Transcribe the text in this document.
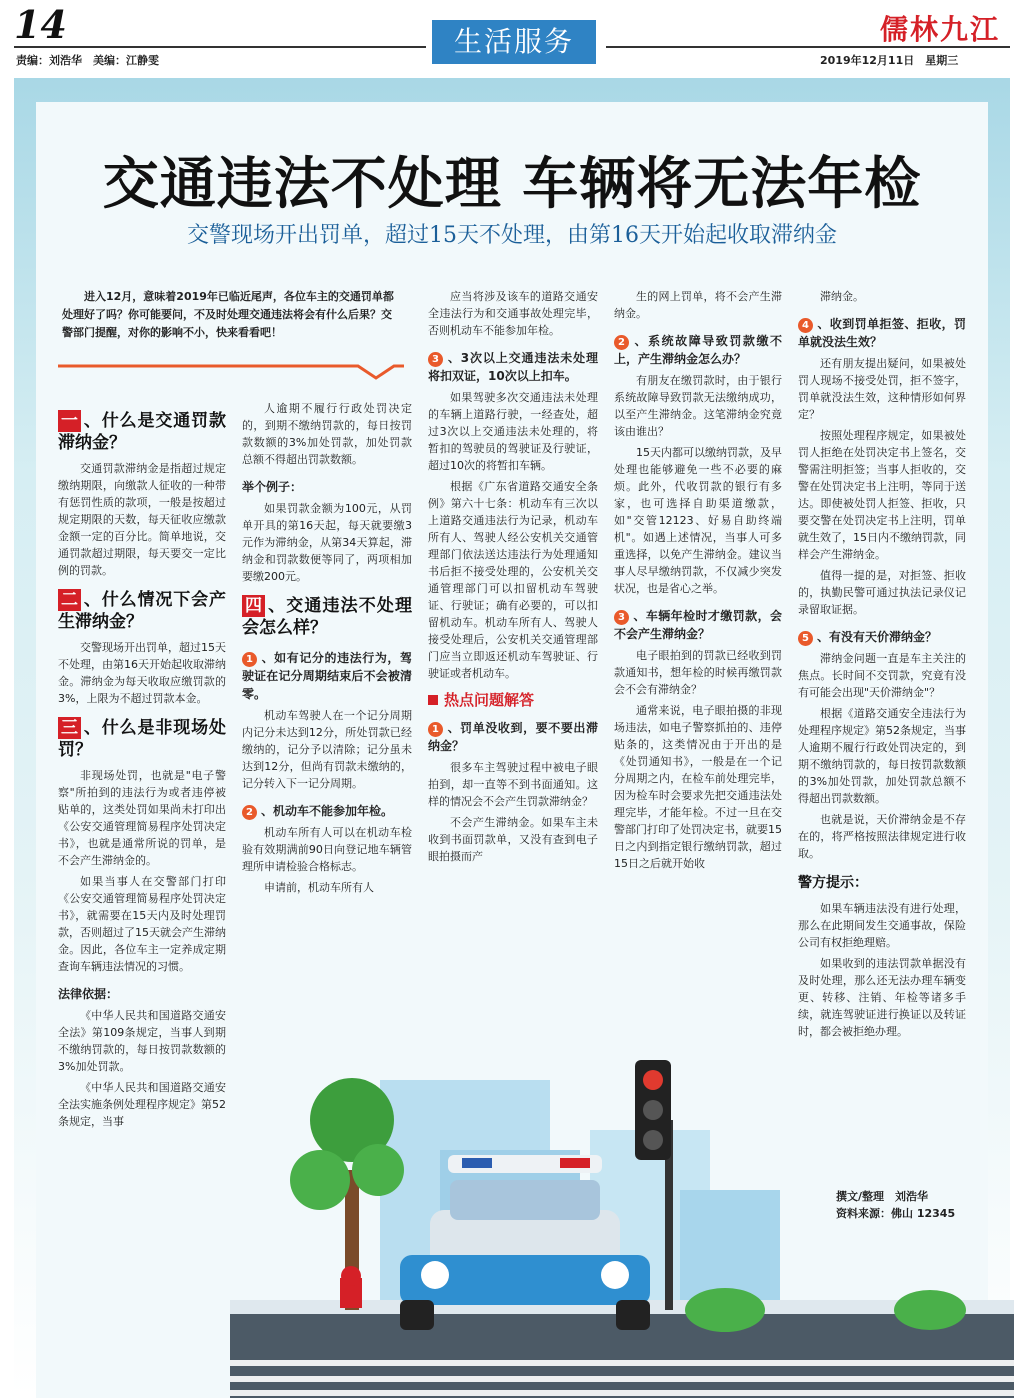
14
责编：刘浩华　美编：江静雯
生活服务	儒林九江
2019年12月11日　星期三
交通违法不处理 车辆将无法年检
交警现场开出罚单，超过15天不处理，由第16天开始起收取滞纳金

进入12月，意味着2019年已临近尾声，各位车主的交通罚单都处理好了吗？你可能要问，不及时处理交通违法将会有什么后果？交警部门提醒，对你的影响不小，快来看看吧！

一 、什么是交通罚款滞纳金？

交通罚款滞纳金是指超过规定缴纳期限，向缴款人征收的一种带有惩罚性质的款项，一般是按超过规定期限的天数，每天征收应缴款金额一定的百分比。简单地说，交通罚款超过期限，每天要交一定比例的罚款。

二 、什么情况下会产生滞纳金？

交警现场开出罚单，超过15天不处理，由第16天开始起收取滞纳金。滞纳金为每天收取应缴罚款的3%，上限为不超过罚款本金。

三 、什么是非现场处罚？

非现场处罚，也就是"电子警察"所拍到的违法行为或者违停被贴单的，这类处罚如果尚未打印出《公安交通管理简易程序处罚决定书》，也就是通常所说的罚单，是不会产生滞纳金的。

如果当事人在交警部门打印《公安交通管理简易程序处罚决定书》，就需要在15天内及时处理罚款，否则超过了15天就会产生滞纳金。因此，各位车主一定养成定期查询车辆违法情况的习惯。

法律依据：

《中华人民共和国道路交通安全法》第109条规定，当事人到期不缴纳罚款的，每日按罚款数额的3%加处罚款。

《中华人民共和国道路交通安全法实施条例处理程序规定》第52条规定，当事

人逾期不履行行政处罚决定的，到期不缴纳罚款的，每日按罚款数额的3%加处罚款，加处罚款总额不得超出罚款数额。

举个例子：

如果罚款金额为100元，从罚单开具的第16天起，每天就要缴3元作为滞纳金，从第34天算起，滞纳金和罚款数便等同了，两项相加要缴200元。

四 、交通违法不处理会怎么样？
1 、如有记分的违法行为，驾驶证在记分周期结束后不会被清零。

机动车驾驶人在一个记分周期内记分未达到12分，所处罚款已经缴纳的，记分予以清除；记分虽未达到12分，但尚有罚款未缴纳的，记分转入下一记分周期。

2 、机动车不能参加年检。

机动车所有人可以在机动车检验有效期满前90日向登记地车辆管理所申请检验合格标志。

申请前，机动车所有人

应当将涉及该车的道路交通安全违法行为和交通事故处理完毕，否则机动车不能参加年检。

3 、3次以上交通违法未处理将扣双证，10次以上扣车。

如果驾驶多次交通违法未处理的车辆上道路行驶，一经查处，超过3次以上交通违法未处理的，将暂扣的驾驶员的驾驶证及行驶证，超过10次的将暂扣车辆。

根据《广东省道路交通安全条例》第六十七条：机动车有三次以上道路交通违法行为记录，机动车所有人、驾驶人经公安机关交通管理部门依法送达违法行为处理通知书后拒不接受处理的，公安机关交通管理部门可以扣留机动车驾驶证、行驶证；确有必要的，可以扣留机动车。机动车所有人、驾驶人接受处理后，公安机关交通管理部门应当立即返还机动车驾驶证、行驶证或者机动车。

热点问题解答
1 、罚单没收到，要不要出滞纳金？

很多车主驾驶过程中被电子眼拍到，却一直等不到书面通知。这样的情况会不会产生罚款滞纳金？

不会产生滞纳金。如果车主未收到书面罚款单，又没有查到电子眼拍摄而产

生的网上罚单，将不会产生滞纳金。

2 、系统故障导致罚款缴不上，产生滞纳金怎么办？

有朋友在缴罚款时，由于银行系统故障导致罚款无法缴纳成功，以至产生滞纳金。这笔滞纳金究竟该由谁出？

15天内都可以缴纳罚款，及早处理也能够避免一些不必要的麻烦。此外，代收罚款的银行有多家，也可选择自助渠道缴款，如"交管12123、好易自助终端机"。如遇上述情况，当事人可多重选择，以免产生滞纳金。建议当事人尽早缴纳罚款，不仅减少突发状况，也是省心之举。

3 、车辆年检时才缴罚款，会不会产生滞纳金？

电子眼拍到的罚款已经收到罚款通知书，想年检的时候再缴罚款会不会有滞纳金？

通常来说，电子眼拍摄的非现场违法，如电子警察抓拍的、违停贴条的，这类情况由于开出的是《处罚通知书》，一般是在一个记分周期之内，在检车前处理完毕，因为检车时会要求先把交通违法处理完毕，才能年检。不过一旦在交警部门打印了处罚决定书，就要15日之内到指定银行缴纳罚款，超过15日之后就开始收

滞纳金。

4 、收到罚单拒签、拒收，罚单就没法生效？

还有朋友提出疑问，如果被处罚人现场不接受处罚，拒不签字，罚单就没法生效，这种情形如何界定？

按照处理程序规定，如果被处罚人拒绝在处罚决定书上签名，交警需注明拒签；当事人拒收的，交警在处罚决定书上注明，等同于送达。即使被处罚人拒签、拒收，只要交警在处罚决定书上注明，罚单就生效了，15日内不缴纳罚款，同样会产生滞纳金。

值得一提的是，对拒签、拒收的，执勤民警可通过执法记录仪记录留取证据。

5 、有没有天价滞纳金？

滞纳金问题一直是车主关注的焦点。长时间不交罚款，究竟有没有可能会出现"天价滞纳金"？

根据《道路交通安全违法行为处理程序规定》第52条规定，当事人逾期不履行行政处罚决定的，到期不缴纳罚款的，每日按罚款数额的3%加处罚款，加处罚款总额不得超出罚款数额。

也就是说，天价滞纳金是不存在的，将严格按照法律规定进行收取。

警方提示：

如果车辆违法没有进行处理，那么在此期间发生交通事故，保险公司有权拒绝理赔。

如果收到的违法罚款单据没有及时处理，那么还无法办理车辆变更、转移、注销、年检等诸多手续，就连驾驶证进行换证以及转证时，都会被拒绝办理。

撰文/整理　刘浩华
资料来源：佛山 12345
